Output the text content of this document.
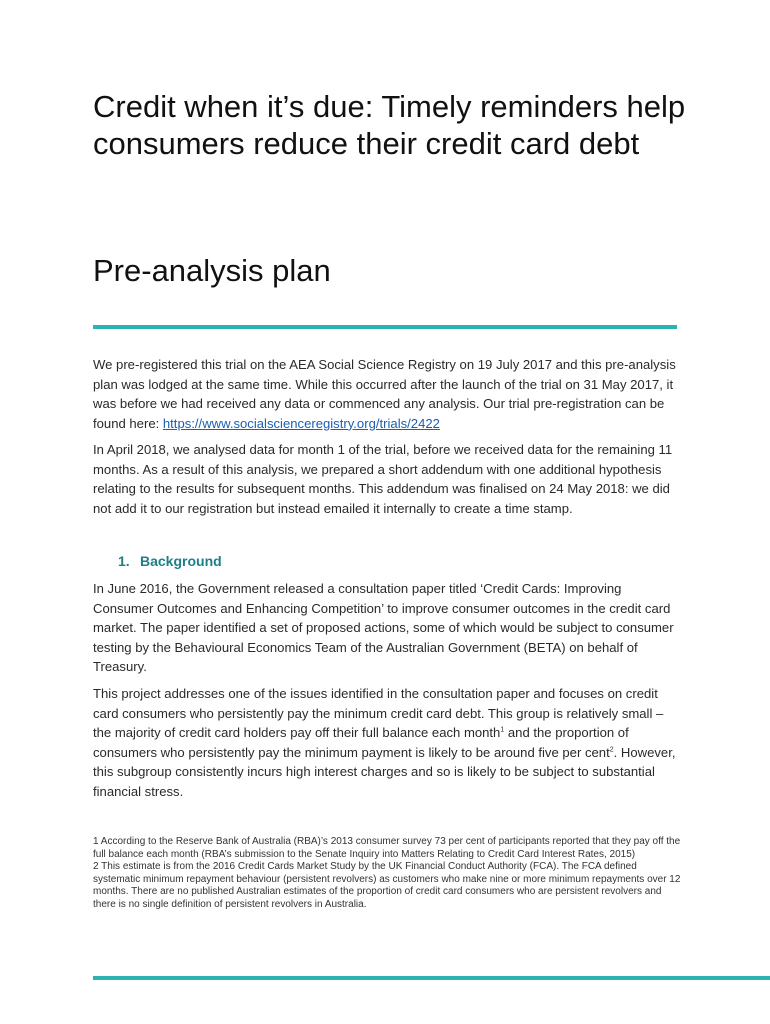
Credit when it’s due: Timely reminders help consumers reduce their credit card debt
Pre-analysis plan

We pre-registered this trial on the AEA Social Science Registry on 19 July 2017 and this pre-analysis plan was lodged at the same time. While this occurred after the launch of the trial on 31 May 2017, it was before we had received any data or commenced any analysis. Our trial pre-registration can be found here: https://www.socialscienceregistry.org/trials/2422

In April 2018, we analysed data for month 1 of the trial, before we received data for the remaining 11 months. As a result of this analysis, we prepared a short addendum with one additional hypothesis relating to the results for subsequent months. This addendum was finalised on 24 May 2018: we did not add it to our registration but instead emailed it internally to create a time stamp.

1. Background

In June 2016, the Government released a consultation paper titled ‘Credit Cards: Improving Consumer Outcomes and Enhancing Competition’ to improve consumer outcomes in the credit card market. The paper identified a set of proposed actions, some of which would be subject to consumer testing by the Behavioural Economics Team of the Australian Government (BETA) on behalf of Treasury.

This project addresses one of the issues identified in the consultation paper and focuses on credit card consumers who persistently pay the minimum credit card debt. This group is relatively small – the majority of credit card holders pay off their full balance each month$^1$ and the proportion of consumers who persistently pay the minimum payment is likely to be around five per cent$^2$. However, this subgroup consistently incurs high interest charges and so is likely to be subject to substantial financial stress.

1 According to the Reserve Bank of Australia (RBA)’s 2013 consumer survey 73 per cent of participants reported that they pay off the full balance each month (RBA’s submission to the Senate Inquiry into Matters Relating to Credit Card Interest Rates, 2015)

2 This estimate is from the 2016 Credit Cards Market Study by the UK Financial Conduct Authority (FCA). The FCA defined systematic minimum repayment behaviour (persistent revolvers) as customers who make nine or more minimum repayments over 12 months. There are no published Australian estimates of the proportion of credit card consumers who are persistent revolvers and there is no single definition of persistent revolvers in Australia.
